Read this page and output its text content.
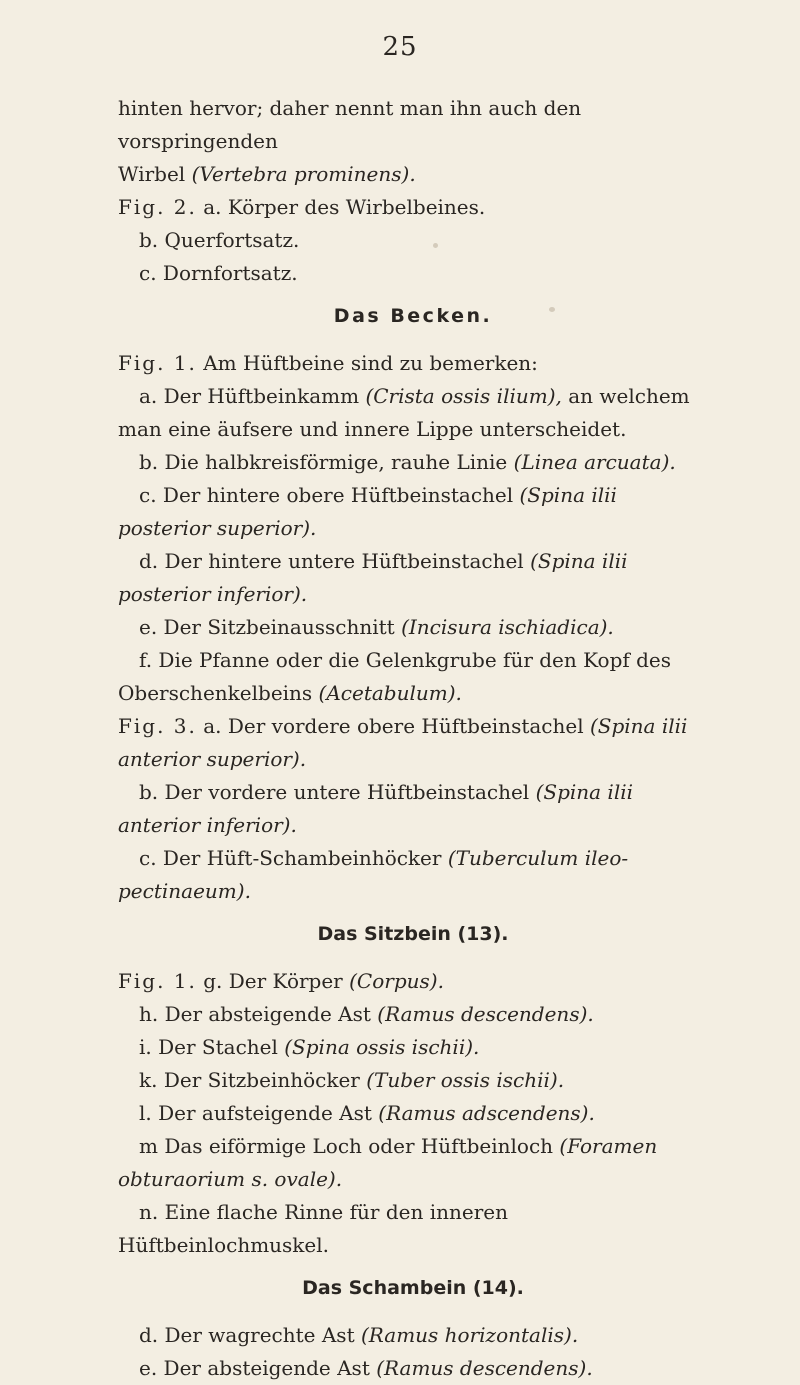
25

hinten hervor; daher nennt man ihn auch den vorspringenden

Wirbel (Vertebra prominens).

Fig. 2. a. Körper des Wirbelbeines.

b. Querfortsatz.

c. Dornfortsatz.

Das Becken.

Fig. 1. Am Hüftbeine sind zu bemerken:

a. Der Hüftbeinkamm (Crista ossis ilium), an welchem man eine äufsere und innere Lippe unterscheidet.

b. Die halbkreisförmige, rauhe Linie (Linea arcuata).

c. Der hintere obere Hüftbeinstachel (Spina ilii posterior superior).

d. Der hintere untere Hüftbeinstachel (Spina ilii posterior inferior).

e. Der Sitzbeinausschnitt (Incisura ischiadica).

f. Die Pfanne oder die Gelenkgrube für den Kopf des Oberschenkelbeins (Acetabulum).

Fig. 3. a. Der vordere obere Hüftbeinstachel (Spina ilii anterior superior).

b. Der vordere untere Hüftbeinstachel (Spina ilii anterior inferior).

c. Der Hüft-Schambeinhöcker (Tuberculum ileo-pectinaeum).

Das Sitzbein (13).

Fig. 1. g. Der Körper (Corpus).

h. Der absteigende Ast (Ramus descendens).

i. Der Stachel (Spina ossis ischii).

k. Der Sitzbeinhöcker (Tuber ossis ischii).

l. Der aufsteigende Ast (Ramus adscendens).

m Das eiförmige Loch oder Hüftbeinloch (Foramen obturaorium s. ovale).

n. Eine flache Rinne für den inneren Hüftbeinlochmuskel.

Das Schambein (14).

d. Der wagrechte Ast (Ramus horizontalis).

e. Der absteigende Ast (Ramus descendens).
